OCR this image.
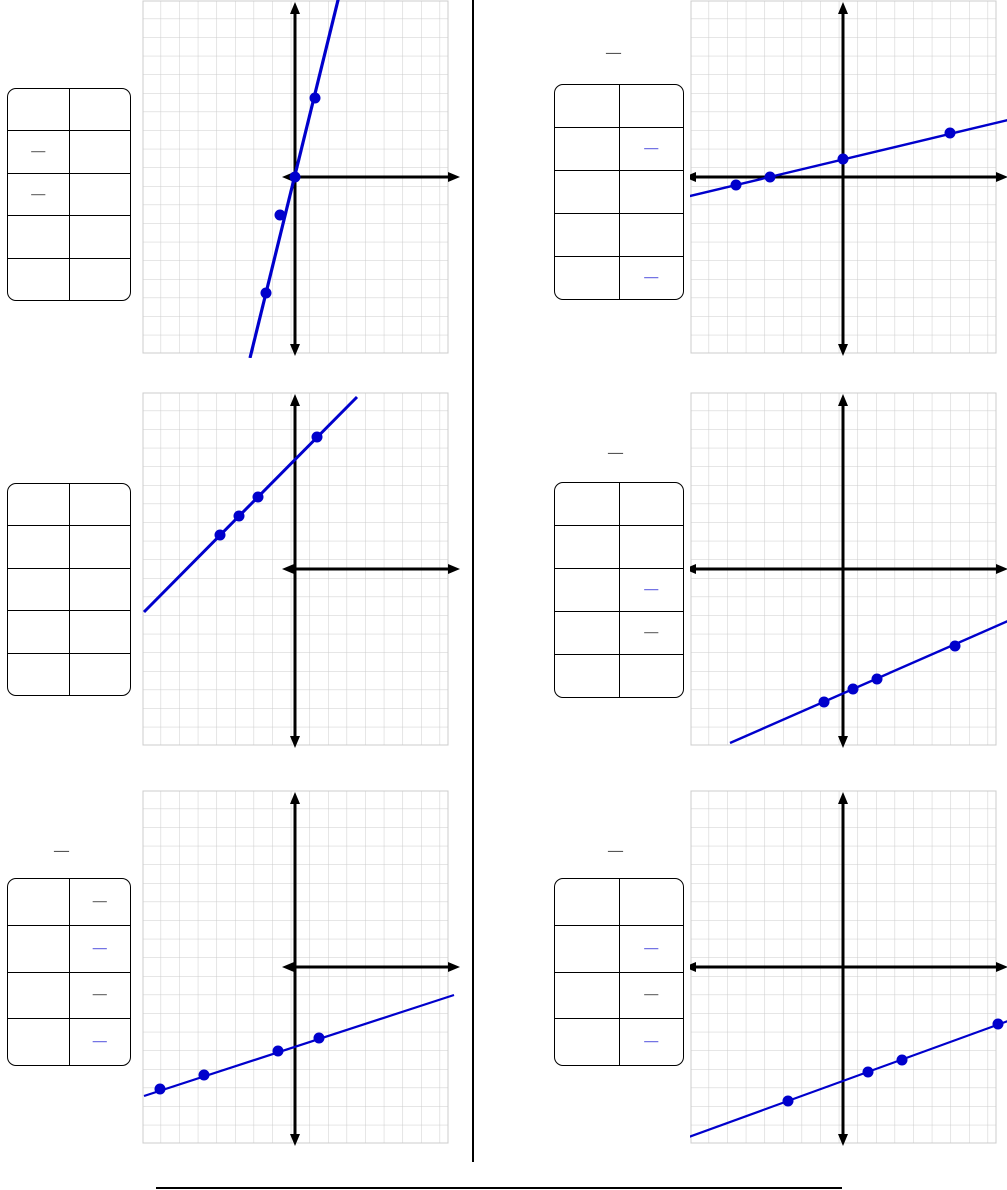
—
—
—
—
—
—
—
—
—
—
—
—
—
—
—
—
—
